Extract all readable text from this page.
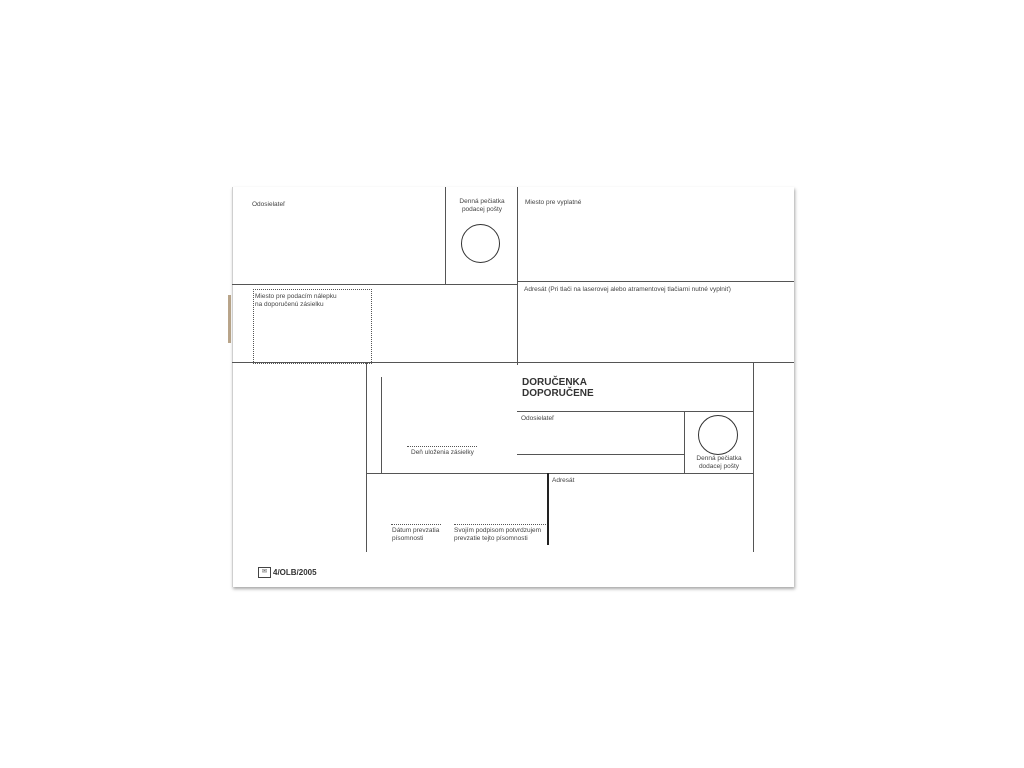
Odosielateľ	Denná pečiatka
podacej pošty
Miesto pre vyplatné
Miesto pre podacím nálepku
na doporučenú zásielku
Adresát (Pri tlači na laserovej alebo atramentovej tlačiarni nutné vyplniť)
DORUČENKA
DOPORUČENE
Odosielateľ
Denná pečiatka
dodacej pošty
Deň uloženia zásielky
Adresát
Dátum prevzatia
písomnosti
Svojím podpisom potvrdzujem
prevzatie tejto písomnosti
✉ 4/OLB/2005
